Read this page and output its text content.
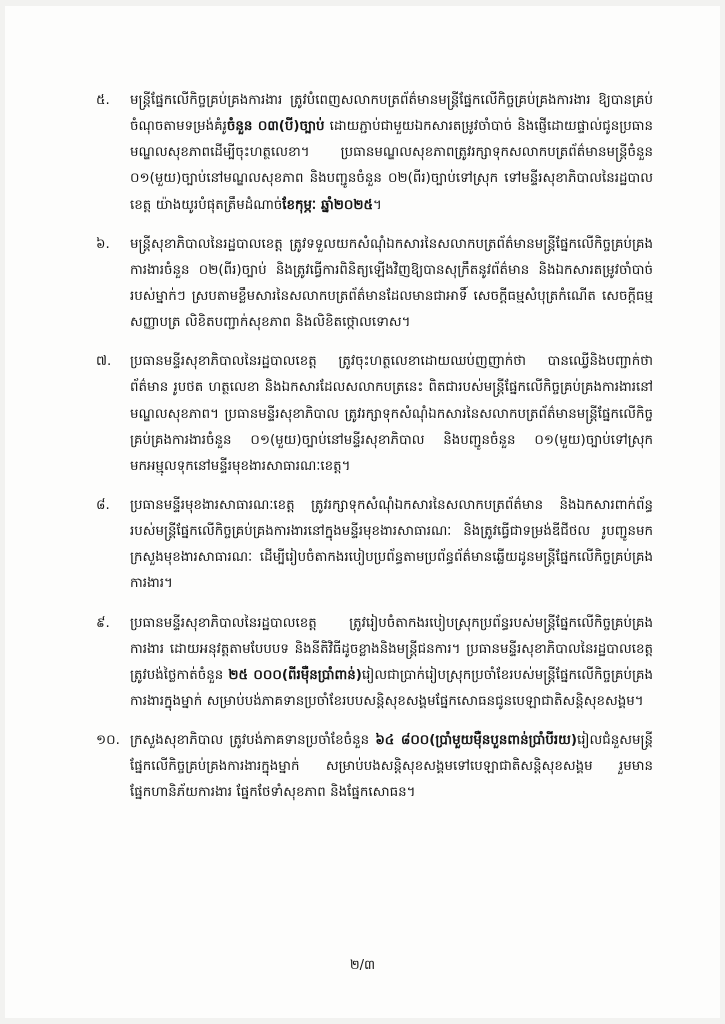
៥.	មន្ត្រីផ្នែកលើកិច្ចគ្រប់គ្រងការងារ ត្រូវបំពេញសលាកបត្រព័ត៌មានមន្ត្រីផ្នែកលើកិច្ចគ្រប់គ្រងការងារ ឱ្យបានគ្រប់ចំណុចតាមទម្រង់គំរូចំនួន ០៣(បី)ច្បាប់ ដោយភ្ជាប់ជាមួយឯកសារតម្រូវចាំបាច់ និងផ្ញើដោយផ្ទាល់ជូនប្រធានមណ្ឌលសុខភាពដើម្បីចុះហត្ថលេខា។ ប្រធានមណ្ឌលសុខភាពត្រូវរក្សាទុកសលាកបត្រព័ត៌មានមន្ត្រីចំនួន ០១(មួយ)ច្បាប់នៅមណ្ឌលសុខភាព និងបញ្ជូនចំនួន ០២(ពីរ)ច្បាប់ទៅស្រុក ទៅមន្ទីរសុខាភិបាលនៃរដ្ឋបាលខេត្ត យ៉ាងយូរបំផុតត្រឹមដំណាច់ខែកុម្ភៈ ឆ្នាំ២០២៥។
៦.	មន្ត្រីសុខាភិបាលនៃរដ្ឋបាលខេត្ត ត្រូវទទួលយកសំណុំឯកសារនៃសលាកបត្រព័ត៌មានមន្ត្រីផ្នែកលើកិច្ចគ្រប់គ្រងការងារចំនួន ០២(ពីរ)ច្បាប់ និងត្រូវធ្វើការពិនិត្យឡើងវិញឱ្យបានសុក្រឹតនូវព័ត៌មាន និងឯកសារតម្រូវចាំបាច់របស់ម្នាក់ៗ ស្របតាមខ្លឹមសារនៃសលាកបត្រព័ត៌មានដែលមានជាអាទិ៍ សេចក្តីធម្មសំបុត្រកំណើត សេចក្តីធម្មសញ្ញាបត្រ លិខិតបញ្ជាក់សុខភាព និងលិខិតថ្កោលទោស។
៧.	ប្រធានមន្ទីរសុខាភិបាលនៃរដ្ឋបាលខេត្ត ត្រូវចុះហត្ថលេខាដោយឈប់ញញាក់ថា បានឈ្វើនិងបញ្ជាក់ថាព័ត៌មាន រូបថត ហត្ថលេខា និងឯកសារដែលសលាកបត្រនេះ ពិតជារបស់មន្ត្រីផ្នែកលើកិច្ចគ្រប់គ្រងការងារនៅមណ្ឌលសុខភាព។ ប្រធានមន្ទីរសុខាភិបាល ត្រូវរក្សាទុកសំណុំឯកសារនៃសលាកបត្រព័ត៌មានមន្ត្រីផ្នែកលើកិច្ចគ្រប់គ្រងការងារចំនួន ០១(មួយ)ច្បាប់នៅមន្ទីរសុខាភិបាល និងបញ្ជូនចំនួន ០១(មួយ)ច្បាប់ទៅស្រុក មកអម្មុលទុកនៅមន្ទីរមុខងារសាធារណៈខេត្ត។
៨.	ប្រធានមន្ទីរមុខងារសាធារណៈខេត្ត ត្រូវរក្សាទុកសំណុំឯកសារនៃសលាកបត្រព័ត៌មាន និងឯកសារពាក់ព័ន្ធរបស់មន្ត្រីផ្នែកលើកិច្ចគ្រប់គ្រងការងារនៅក្នុងមន្ទីរមុខងារសាធារណៈ និងត្រូវធ្វើជាទម្រង់ឌីជីថល រូបញ្ជូនមកក្រសួងមុខងារសាធារណៈ ដើម្បីរៀបចំតាកងរបៀបប្រព័ន្ធតាមប្រព័ន្ធព័ត៌មានឆ្លើយដូនមន្ត្រីផ្នែកលើកិច្ចគ្រប់គ្រងការងារ។
៩.	ប្រធានមន្ទីរសុខាភិបាលនៃរដ្ឋបាលខេត្ត ត្រូវរៀបចំតាកងរបៀបស្រុកប្រព័ន្ធរបស់មន្ត្រីផ្នែកលើកិច្ចគ្រប់គ្រងការងារ ដោយអនុវត្តតាមបែបបទ និងនីតិវិធីដូចខ្លាងនិងមន្ត្រីជនការ។ ប្រធានមន្ទីរសុខាភិបាលនៃរដ្ឋបាលខេត្ត ត្រូវបង់ថ្លៃកាត់ចំនួន ២៥ ០០០(ពីរម៉ឺនប្រាំពាន់)រៀលជាប្រាក់រៀបស្រុកប្រចាំខែរបស់មន្ត្រីផ្នែកលើកិច្ចគ្រប់គ្រងការងារក្នុងម្នាក់ សម្រាប់បង់ភាគទានប្រចាំខែរបបសន្តិសុខសង្គមផ្នែកសោធនជូនបេឡាជាតិសន្តិសុខសង្គម។
១០. ក្រសួងសុខាភិបាល ត្រូវបង់ភាគទានប្រចាំខែចំនួន ៦៤ ៨០០(ប្រាំមួយម៉ឺនបួនពាន់ប្រាំបីរយ)រៀលជំនួសមន្ត្រីផ្នែកលើកិច្ចគ្រប់គ្រងការងារក្នុងម្នាក់ សម្រាប់បងសន្តិសុខសង្គមទៅបេឡាជាតិសន្តិសុខសង្គម រួមមានផ្នែកហានិភ័យការងារ ផ្នែកថែទាំសុខភាព និងផ្នែកសោធន។
២/៣
